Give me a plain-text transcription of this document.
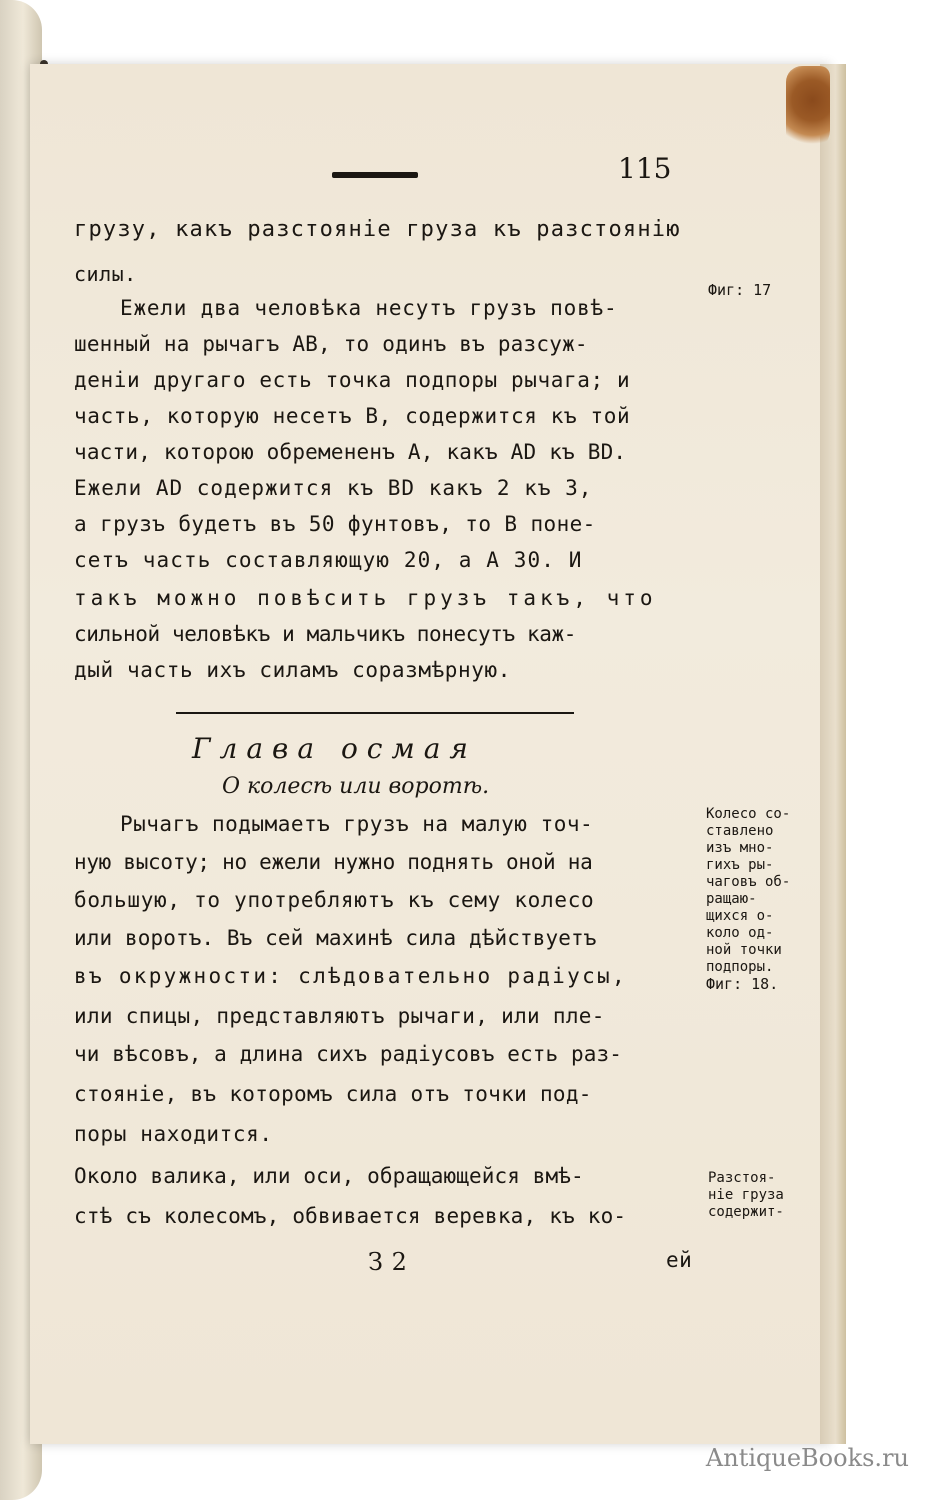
115
грузу, какъ разстояніе груза къ разстоянію
силы.
Ежели два человѣка несутъ грузъ повѣ-
шенный на рычагъ AB, то одинъ въ разсуж-
деніи другаго есть точка подпоры рычага; и
часть, которую несетъ B, содержится къ той
части, которою обремененъ A, какъ AD къ BD.
Ежели AD содержится къ BD какъ 2 къ 3,
а грузъ будетъ въ 50 фунтовъ, то B поне-
сетъ часть составляющую 20, а A 30. И
такъ можно повѣсить грузъ такъ, что
сильной человѣкъ и мальчикъ понесутъ каж-
дый часть ихъ силамъ соразмѣрную.
Глава осмая
О колесѣ или воротѣ.
Рычагъ подымаетъ грузъ на малую точ-
ную высоту; но ежели нужно поднять оной на
большую, то употребляютъ къ сему колесо
или воротъ. Въ сей махинѣ сила дѣйствуетъ
въ окружности: слѣдовательно радіусы,
или спицы, представляютъ рычаги, или пле-
чи вѣсовъ, а длина сихъ радіусовъ есть раз-
стояніе, въ которомъ сила отъ точки под-
поры находится.
Около валика, или оси, обращающейся вмѣ-
стѣ съ колесомъ, обвивается веревка, къ ко-
З 2	ей
Фиг: 17
Колесо со-
ставлено
изъ мно-
гихъ ры-
чаговъ об-
ращаю-
щихся о-
коло од-
ной точки
подпоры.
Фиг: 18.
Разстоя-
ніе груза
содержит-
AntiqueBooks.ru
